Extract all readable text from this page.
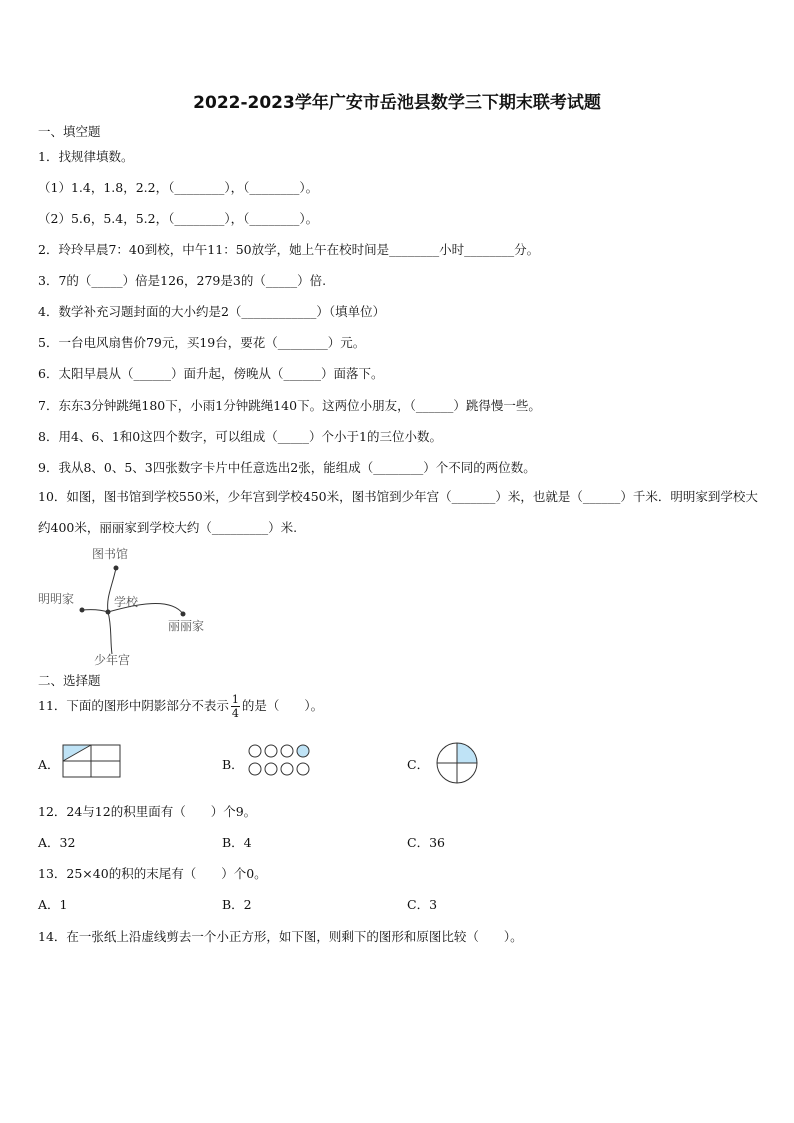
2022-2023学年广安市岳池县数学三下期末联考试题
一、填空题
1．找规律填数。
（1）1.4，1.8，2.2，（________），（________）。
（2）5.6，5.4，5.2，（________），（________）。
2．玲玲早晨7：40到校，中午11：50放学，她上午在校时间是________小时________分。
3．7的（_____）倍是126，279是3的（_____）倍.
4．数学补充习题封面的大小约是2（____________）（填单位）
5．一台电风扇售价79元，买19台，要花（________）元。
6．太阳早晨从（______）面升起，傍晚从（______）面落下。
7．东东3分钟跳绳180下，小雨1分钟跳绳140下。这两位小朋友，（______）跳得慢一些。
8．用4、6、1和0这四个数字，可以组成（_____）个小于1的三位小数。
9．我从8、0、5、3四张数字卡片中任意选出2张，能组成（________）个不同的两位数。
10．如图，图书馆到学校550米，少年宫到学校450米，图书馆到少年宫（_______）米，也就是（______）千米．明明家到学校大约400米，丽丽家到学校大约（_________）米.
图书馆
学校
明明家
丽丽家
少年宫
二、选择题
11．下面的图形中阴影部分不表示 $\frac{1}{4}$ 的是（　　）。
A．	B．	C．
12．24与12的积里面有（　　）个9。
A．32	B．4	C．36
13．25×40的积的末尾有（　　）个0。
A．1	B．2	C．3
14．在一张纸上沿虚线剪去一个小正方形，如下图，则剩下的图形和原图比较（　　）。
